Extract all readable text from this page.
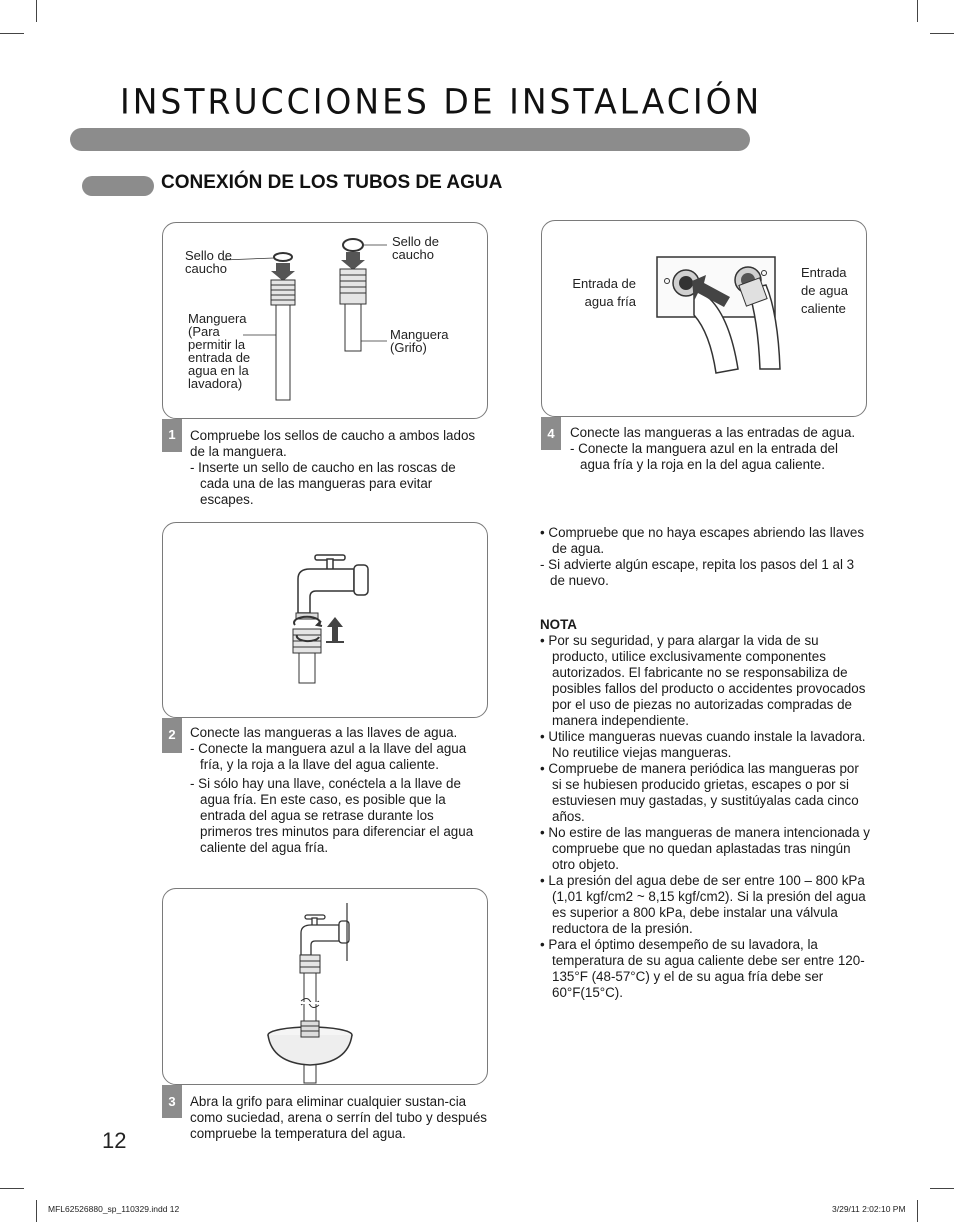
INSTRUCCIONES DE INSTALACIÓN
CONEXIÓN DE LOS TUBOS DE AGUA
Sello de
caucho
Sello de
caucho
Manguera
(Para
permitir la
entrada de
agua en la
lavadora)
Manguera
(Grifo)
1	Compruebe los sellos de caucho a ambos lados de la manguera.

- Inserte un sello de caucho en las roscas de cada una de las mangueras para evitar escapes.

2	Conecte las mangueras a las llaves de agua.

- Conecte la manguera azul a la llave del agua fría, y la roja a la llave del agua caliente.

- Si sólo hay una llave, conéctela a la llave de agua fría. En este caso, es posible que la entrada del agua se retrase durante los primeros tres minutos para diferenciar el agua caliente del agua fría.

3	Abra la grifo para eliminar cualquier sustan-cia como suciedad, arena o serrín del tubo y después compruebe la temperatura del agua.

Entrada de
agua fría
Entrada
de agua
caliente
4	Conecte las mangueras a las entradas de agua.

- Conecte la manguera azul en la entrada del agua fría y la roja en la del agua caliente.

• Compruebe que no haya escapes abriendo las llaves de agua.

- Si advierte algún escape, repita los pasos del 1 al 3 de nuevo.

NOTA

• Por su seguridad, y para alargar la vida de su producto, utilice exclusivamente componentes autorizados. El fabricante no se responsabiliza de posibles fallos del producto o accidentes provocados por el uso de piezas no autorizadas compradas de manera independiente.

• Utilice mangueras nuevas cuando instale la lavadora. No reutilice viejas mangueras.

• Compruebe de manera periódica las mangueras por si se hubiesen producido grietas, escapes o por si estuviesen muy gastadas, y sustitúyalas cada cinco años.

• No estire de las mangueras de manera intencionada y compruebe que no quedan aplastadas tras ningún otro objeto.

• La presión del agua debe de ser entre 100 – 800 kPa (1,01 kgf/cm2 ~ 8,15 kgf/cm2). Si la presión del agua es superior a 800 kPa, debe instalar una válvula reductora de la presión.

• Para el óptimo desempeño de su lavadora, la temperatura de su agua caliente debe ser entre 120-135°F (48-57°C) y el de su agua fría debe ser 60°F(15°C).

12
MFL62526880_sp_110329.indd 12	3/29/11 2:02:10 PM
